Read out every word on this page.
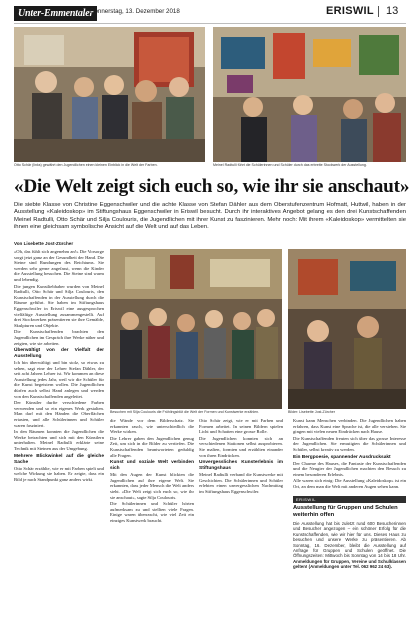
Unter-Emmentaler
Donnerstag, 13. Dezember 2018	ERISWIL 13
Otto Schär (links) gewährt den Jugendlichen einen kleinen Einblick in die Welt der Farben.	Meinel Radtulli führt die Schülerinnen und Schüler durch das erbreite Stockwerk der Ausstellung.
«Die Welt zeigt sich euch so, wie ihr sie anschaut»
Die siebte Klasse von Christine Eggenschwiler und die achte Klasse von Stefan Dähler aus dem Oberstufenzentrum Hofmatt, Huttwil, haben in der Ausstellung «Kaleidoskop» im Stiftungshaus Eggenschwiler in Eriswil besucht. Durch ihr interaktives Angebot gelang es den drei Kunstschaffenden Meinel Radtulli, Otto Schär und Silja Coulouris, die Jugendlichen mit ihrer Kunst zu faszinieren. Mehr noch: Mit ihrem «Kaleidoskop» vermittelten sie ihnen eine gleichsam symbolische Ansicht auf die Welt und auf das Leben.
Von Lisebette Jost-Zürcher

«Oh, das fühlt sich angenehm an!» Die Vorsorge sorgt jetzt ganz an der Gesundheit der Hand. Die Steine sind Rundungen des Reichtums. Sie werden sehr gerne angefasst, wenn die Kinder die Ausstellung besuchen. Die Steine sind warm und lebendig.

Die jungen Kunstliebhaber wurden von Meinel Radtulli, Otto Schär und Silja Coulouris, den Kunstschaffenden in der Ausstellung durch die Räume geführt. Sie haben im Stiftungshaus Eggenschwiler in Eriswil eine ausgesprochen vielfältige Ausstellung zusammengestellt. Auf drei Stockwerken präsentieren sie ihre Gemälde, Skulpturen und Objekte.

Die Kunstschaffenden brachten den Jugendlichen im Gespräch ihre Werke näher und zeigten, wie sie arbeiten.

Überwältigt von der Vielfalt der Ausstellung

Ich bin überwältigt und bin stolz, so etwas zu sehen, sagt eine der Lehrer Stefan Dähler, der seit acht Jahren Lehrer ist. Wir kommen an diese Ausstellung jedes Jahr, weil wir die Schüler für die Kunst begeistern wollen. Die Jugendlichen dürfen auch selbst Hand anlegen und werden von den Kunstschaffenden angeleitet.

Der Künstler durfte verschiedene Farben verwenden und so ein eigenes Werk gestalten. Man darf mit den Händen die Oberflächen ertasten, und alle Schülerinnen und Schüler waren fasziniert.

In den Räumen konnten die Jugendlichen die Werke betrachten und sich mit den Künstlern unterhalten. Meinel Radtulli erklärte seine Technik mit Steinen aus der Umgebung.

Mehrere Blickwinkel auf die gleiche Sache

Otto Schär erzählte, wie er mit Farben spielt und welche Wirkung sie haben. Er zeigte, dass ein Bild je nach Standpunkt ganz anders wirkt.

Besuchen mit Silja Coulouris die Frühlingsblüt die Welt der Formen und Kunstwerke erzählen.	Bilder: Lisebette Jost-Zürcher

die Wände vor dem Bilderschatz. Sie erkannten rasch, wie unterschiedlich die Werke wirken.

Die Lehrer gaben den Jugendlichen genug Zeit, um sich in die Bilder zu vertiefen. Die Kunstschaffenden beantworteten geduldig alle Fragen.

Kunst und soziale Welt verbinden sich

Mit den Augen der Kunst blickten die Jugendlichen auf ihre eigene Welt. Sie erkannten, dass jeder Mensch die Welt anders sieht. «Die Welt zeigt sich euch so, wie ihr sie anschaut», sagte Silja Coulouris.

Die Schülerinnen und Schüler hörten aufmerksam zu und stellten viele Fragen. Einige waren überrascht, wie viel Zeit ein einziges Kunstwerk braucht.

Otto Schär zeigt, wie er mit Farben und Formen arbeitet. In seinen Bildern spielen Licht und Schatten eine grosse Rolle.

Die Jugendlichen konnten sich an verschiedenen Stationen selbst ausprobieren. Sie malten, formten und erzählten einander von ihren Eindrücken.

Unvergessliches Kunsterlebnis im Stiftungshaus

Meinel Radtulli verband die Kunstwerke mit Geschichten. Die Schülerinnen und Schüler erlebten einen unvergesslichen Nachmittag im Stiftungshaus Eggenschwiler.

Kunst kann Menschen verbinden. Die Jugendlichen haben erfahren, dass Kunst eine Sprache ist, die alle verstehen. Sie gingen mit vielen neuen Eindrücken nach Hause.

Die Kunstschaffenden freuten sich über das grosse Interesse der Jugendlichen. Sie ermutigten die Schülerinnen und Schüler, selbst kreativ zu werden.

Ein Bergpoesie, spannender Ausdrucksakt

Der Charme des Hauses, die Fantasie der Kunstschaffenden und die Neugier der Jugendlichen machten den Besuch zu einem besonderen Erlebnis.

Alle waren sich einig: Die Ausstellung «Kaleidoskop» ist ein Ort, an dem man die Welt mit anderen Augen sehen kann.

ERISWIL
Ausstellung für Gruppen und Schulen weiterhin offen
Die Ausstellung hat bis zuletzt rund 600 Besucherinnen und Besucher angezogen – ein schöner Erfolg für die Kunstschaffenden, wie wir hier für uns. Dieses Haus zu besuchen und unsere Werke zu präsentieren. Ab Sonntag, 16. Dezember, bleibt die Ausstellung auf Anfrage für Gruppen und Schulen geöffnet. Die Öffnungszeiten: Mittwoch bis Sonntag von 14 bis 18 Uhr. Anmeldungen für Gruppen, Vereine und Schulklassen gelten! (Anmeldungen unter Tel. 062 962 24 63).
